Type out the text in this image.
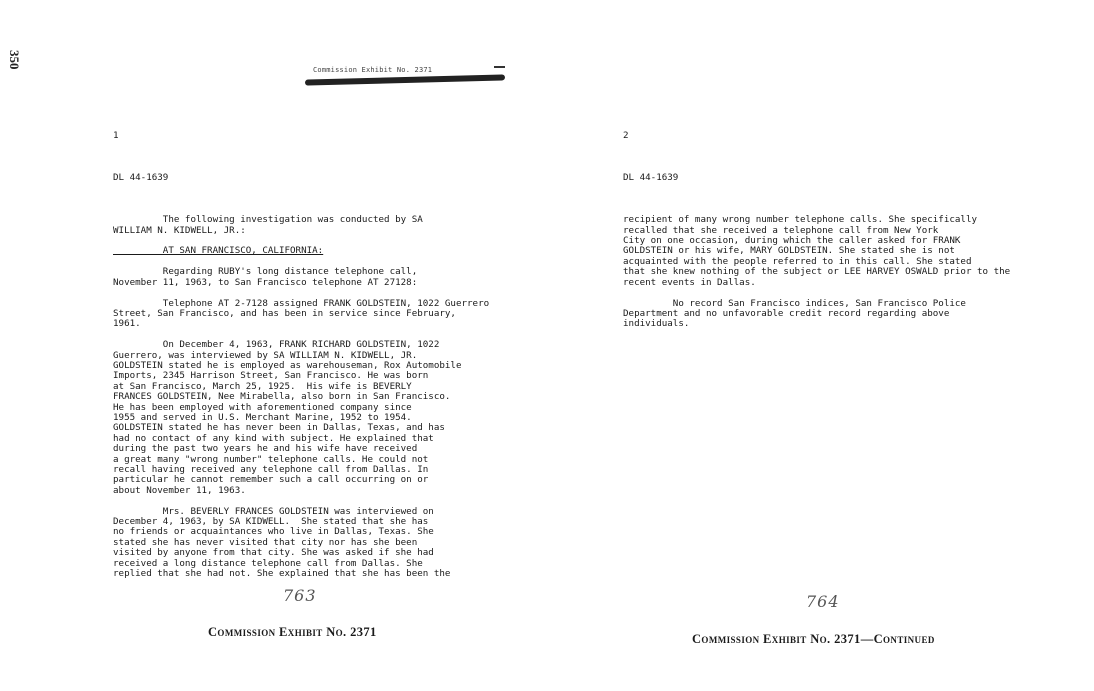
350
Commission Exhibit No. 2371

1

DL 44-1639

The following investigation was conducted by SA

WILLIAM N. KIDWELL, JR.:

AT SAN FRANCISCO, CALIFORNIA:

Regarding RUBY's long distance telephone call,

November 11, 1963, to San Francisco telephone AT 27128:

Telephone AT 2-7128 assigned FRANK GOLDSTEIN, 1022 Guerrero

Street, San Francisco, and has been in service since February,

1961.

On December 4, 1963, FRANK RICHARD GOLDSTEIN, 1022

Guerrero, was interviewed by SA WILLIAM N. KIDWELL, JR.

GOLDSTEIN stated he is employed as warehouseman, Rox Automobile

Imports, 2345 Harrison Street, San Francisco. He was born

at San Francisco, March 25, 1925.  His wife is BEVERLY

FRANCES GOLDSTEIN, Nee Mirabella, also born in San Francisco.

He has been employed with aforementioned company since

1955 and served in U.S. Merchant Marine, 1952 to 1954.

GOLDSTEIN stated he has never been in Dallas, Texas, and has

had no contact of any kind with subject. He explained that

during the past two years he and his wife have received

a great many "wrong number" telephone calls. He could not

recall having received any telephone call from Dallas. In

particular he cannot remember such a call occurring on or

about November 11, 1963.

Mrs. BEVERLY FRANCES GOLDSTEIN was interviewed on

December 4, 1963, by SA KIDWELL.  She stated that she has

no friends or acquaintances who live in Dallas, Texas. She

stated she has never visited that city nor has she been

visited by anyone from that city. She was asked if she had

received a long distance telephone call from Dallas. She

replied that she had not. She explained that she has been the

2

DL 44-1639

recipient of many wrong number telephone calls. She specifically

recalled that she received a telephone call from New York

City on one occasion, during which the caller asked for FRANK

GOLDSTEIN or his wife, MARY GOLDSTEIN. She stated she is not

acquainted with the people referred to in this call. She stated

that she knew nothing of the subject or LEE HARVEY OSWALD prior to the

recent events in Dallas.

No record San Francisco indices, San Francisco Police

Department and no unfavorable credit record regarding above

individuals.

763	764
Commission Exhibit No. 2371	Commission Exhibit No. 2371—Continued
